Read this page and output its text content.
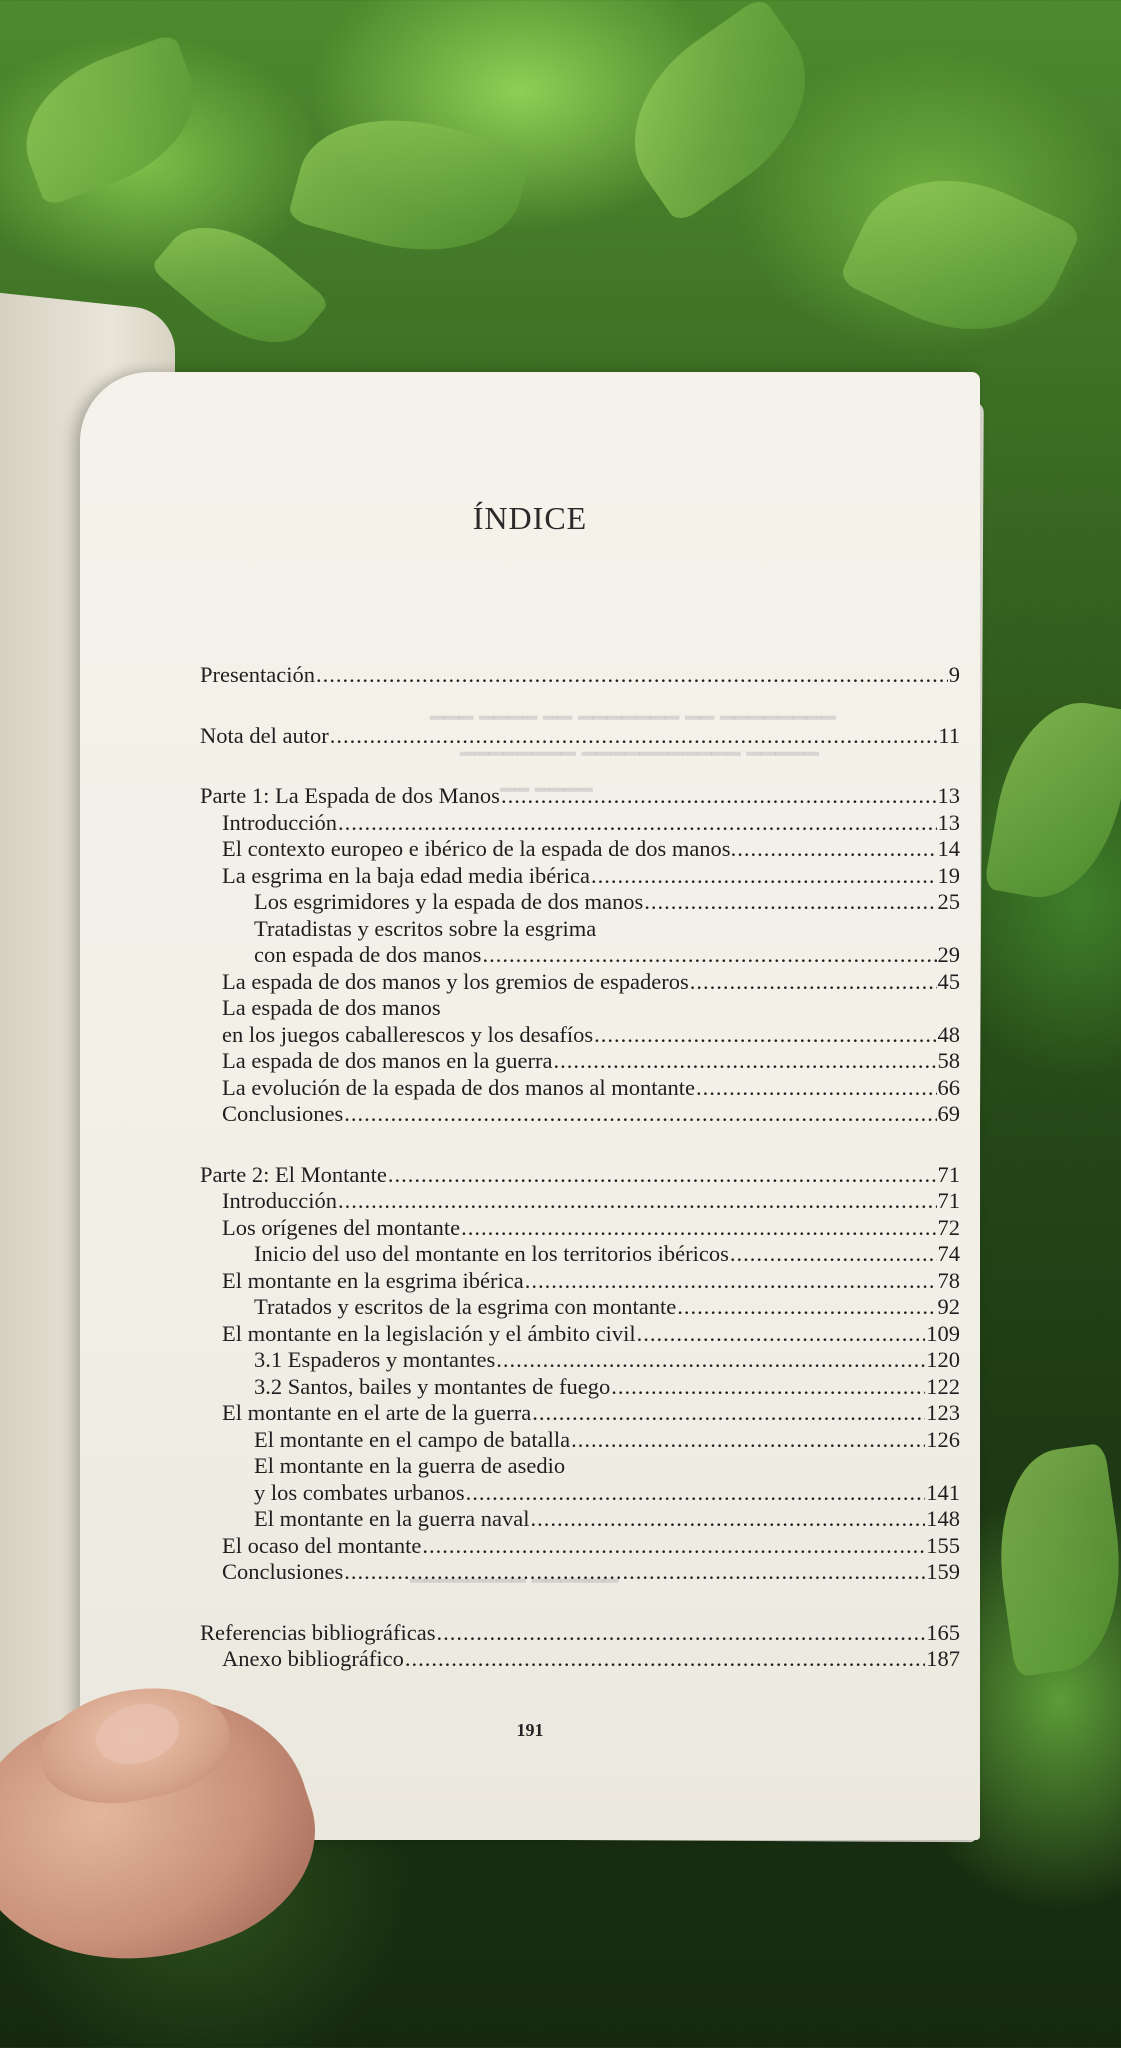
━━━ ━━━━ ━━ ━━━━━━━ ━━ ━━━━━━━━
━━━━━━━━ ━━━━━━━━━━━ ━━━━━
━━ ━━━━
━━━━━━━━ ━━━━━━
ÍNDICE
Presentación .....	9
Nota del autor .....	11
Parte 1: La Espada de dos Manos .....	13
Introducción .....	13
El contexto europeo e ibérico de la espada de dos manos. .....	14
La esgrima en la baja edad media ibérica .....	19
Los esgrimidores y la espada de dos manos .....	25
Tratadistas y escritos sobre la esgrima
con espada de dos manos .....	29
La espada de dos manos y los gremios de espaderos .....	45
La espada de dos manos
en los juegos caballerescos y los desafíos .....	48
La espada de dos manos en la guerra .....	58
La evolución de la espada de dos manos al montante .....	66
Conclusiones .....	69
Parte 2: El Montante .....	71
Introducción .....	71
Los orígenes del montante .....	72
Inicio del uso del montante en los territorios ibéricos .....	74
El montante en la esgrima ibérica .....	78
Tratados y escritos de la esgrima con montante .....	92
El montante en la legislación y el ámbito civil .....	109
3.1 Espaderos y montantes .....	120
3.2 Santos, bailes y montantes de fuego .....	122
El montante en el arte de la guerra .....	123
El montante en el campo de batalla .....	126
El montante en la guerra de asedio
y los combates urbanos .....	141
El montante en la guerra naval .....	148
El ocaso del montante .....	155
Conclusiones .....	159
Referencias bibliográficas .....	165
Anexo bibliográfico .....	187
191
